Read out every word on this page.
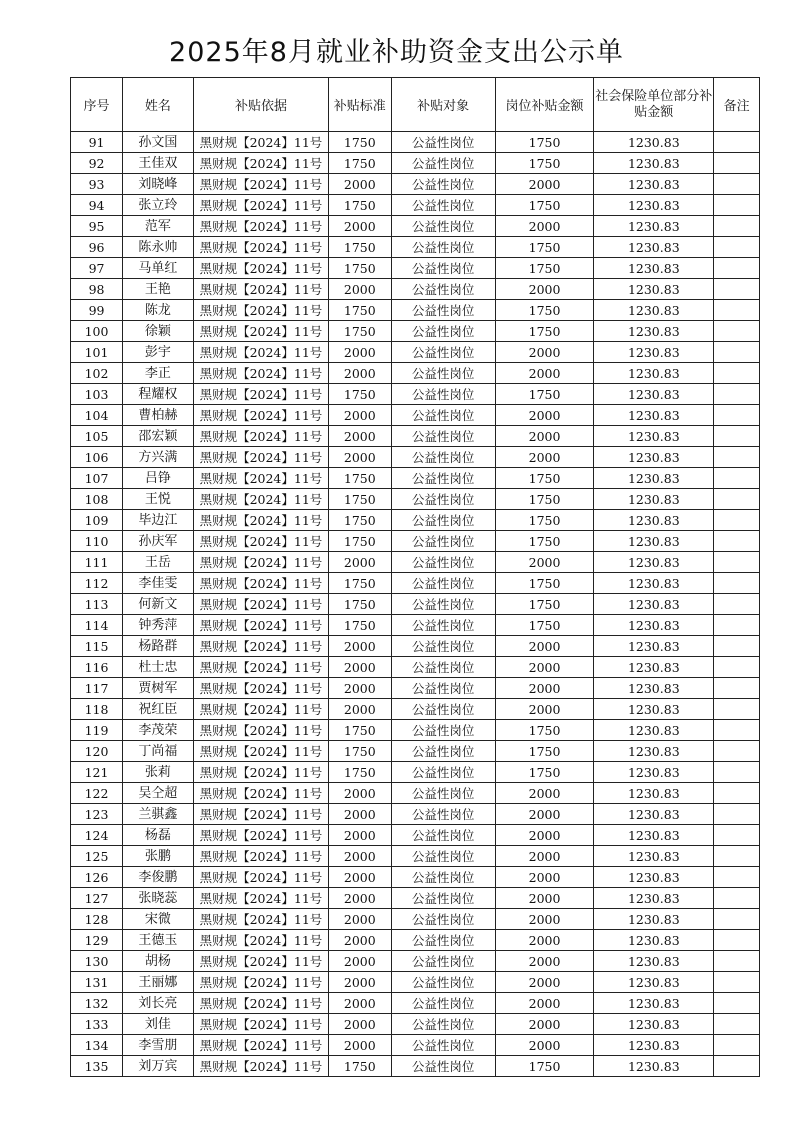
2025年8月就业补助资金支出公示单
序号	姓名	补贴依据	补贴标准	补贴对象	岗位补贴金额	社会保险单位部分补贴金额	备注
91	孙文国	黑财规【2024】11号	1750	公益性岗位	1750	1230.83	
92	王佳双	黑财规【2024】11号	1750	公益性岗位	1750	1230.83	
93	刘晓峰	黑财规【2024】11号	2000	公益性岗位	2000	1230.83	
94	张立玲	黑财规【2024】11号	1750	公益性岗位	1750	1230.83	
95	范军	黑财规【2024】11号	2000	公益性岗位	2000	1230.83	
96	陈永帅	黑财规【2024】11号	1750	公益性岗位	1750	1230.83	
97	马单红	黑财规【2024】11号	1750	公益性岗位	1750	1230.83	
98	王艳	黑财规【2024】11号	2000	公益性岗位	2000	1230.83	
99	陈龙	黑财规【2024】11号	1750	公益性岗位	1750	1230.83	
100	徐颖	黑财规【2024】11号	1750	公益性岗位	1750	1230.83	
101	彭宇	黑财规【2024】11号	2000	公益性岗位	2000	1230.83	
102	李正	黑财规【2024】11号	2000	公益性岗位	2000	1230.83	
103	程耀权	黑财规【2024】11号	1750	公益性岗位	1750	1230.83	
104	曹柏赫	黑财规【2024】11号	2000	公益性岗位	2000	1230.83	
105	邵宏颖	黑财规【2024】11号	2000	公益性岗位	2000	1230.83	
106	方兴满	黑财规【2024】11号	2000	公益性岗位	2000	1230.83	
107	吕铮	黑财规【2024】11号	1750	公益性岗位	1750	1230.83	
108	王悦	黑财规【2024】11号	1750	公益性岗位	1750	1230.83	
109	毕边江	黑财规【2024】11号	1750	公益性岗位	1750	1230.83	
110	孙庆军	黑财规【2024】11号	1750	公益性岗位	1750	1230.83	
111	王岳	黑财规【2024】11号	2000	公益性岗位	2000	1230.83	
112	李佳雯	黑财规【2024】11号	1750	公益性岗位	1750	1230.83	
113	何新文	黑财规【2024】11号	1750	公益性岗位	1750	1230.83	
114	钟秀萍	黑财规【2024】11号	1750	公益性岗位	1750	1230.83	
115	杨路群	黑财规【2024】11号	2000	公益性岗位	2000	1230.83	
116	杜士忠	黑财规【2024】11号	2000	公益性岗位	2000	1230.83	
117	贾树军	黑财规【2024】11号	2000	公益性岗位	2000	1230.83	
118	祝红臣	黑财规【2024】11号	2000	公益性岗位	2000	1230.83	
119	李茂荣	黑财规【2024】11号	1750	公益性岗位	1750	1230.83	
120	丁尚福	黑财规【2024】11号	1750	公益性岗位	1750	1230.83	
121	张莉	黑财规【2024】11号	1750	公益性岗位	1750	1230.83	
122	吴仝超	黑财规【2024】11号	2000	公益性岗位	2000	1230.83	
123	兰骐鑫	黑财规【2024】11号	2000	公益性岗位	2000	1230.83	
124	杨磊	黑财规【2024】11号	2000	公益性岗位	2000	1230.83	
125	张鹏	黑财规【2024】11号	2000	公益性岗位	2000	1230.83	
126	李俊鹏	黑财规【2024】11号	2000	公益性岗位	2000	1230.83	
127	张晓蕊	黑财规【2024】11号	2000	公益性岗位	2000	1230.83	
128	宋微	黑财规【2024】11号	2000	公益性岗位	2000	1230.83	
129	王德玉	黑财规【2024】11号	2000	公益性岗位	2000	1230.83	
130	胡杨	黑财规【2024】11号	2000	公益性岗位	2000	1230.83	
131	王丽娜	黑财规【2024】11号	2000	公益性岗位	2000	1230.83	
132	刘长亮	黑财规【2024】11号	2000	公益性岗位	2000	1230.83	
133	刘佳	黑财规【2024】11号	2000	公益性岗位	2000	1230.83	
134	李雪朋	黑财规【2024】11号	2000	公益性岗位	2000	1230.83	
135	刘万宾	黑财规【2024】11号	1750	公益性岗位	1750	1230.83	
